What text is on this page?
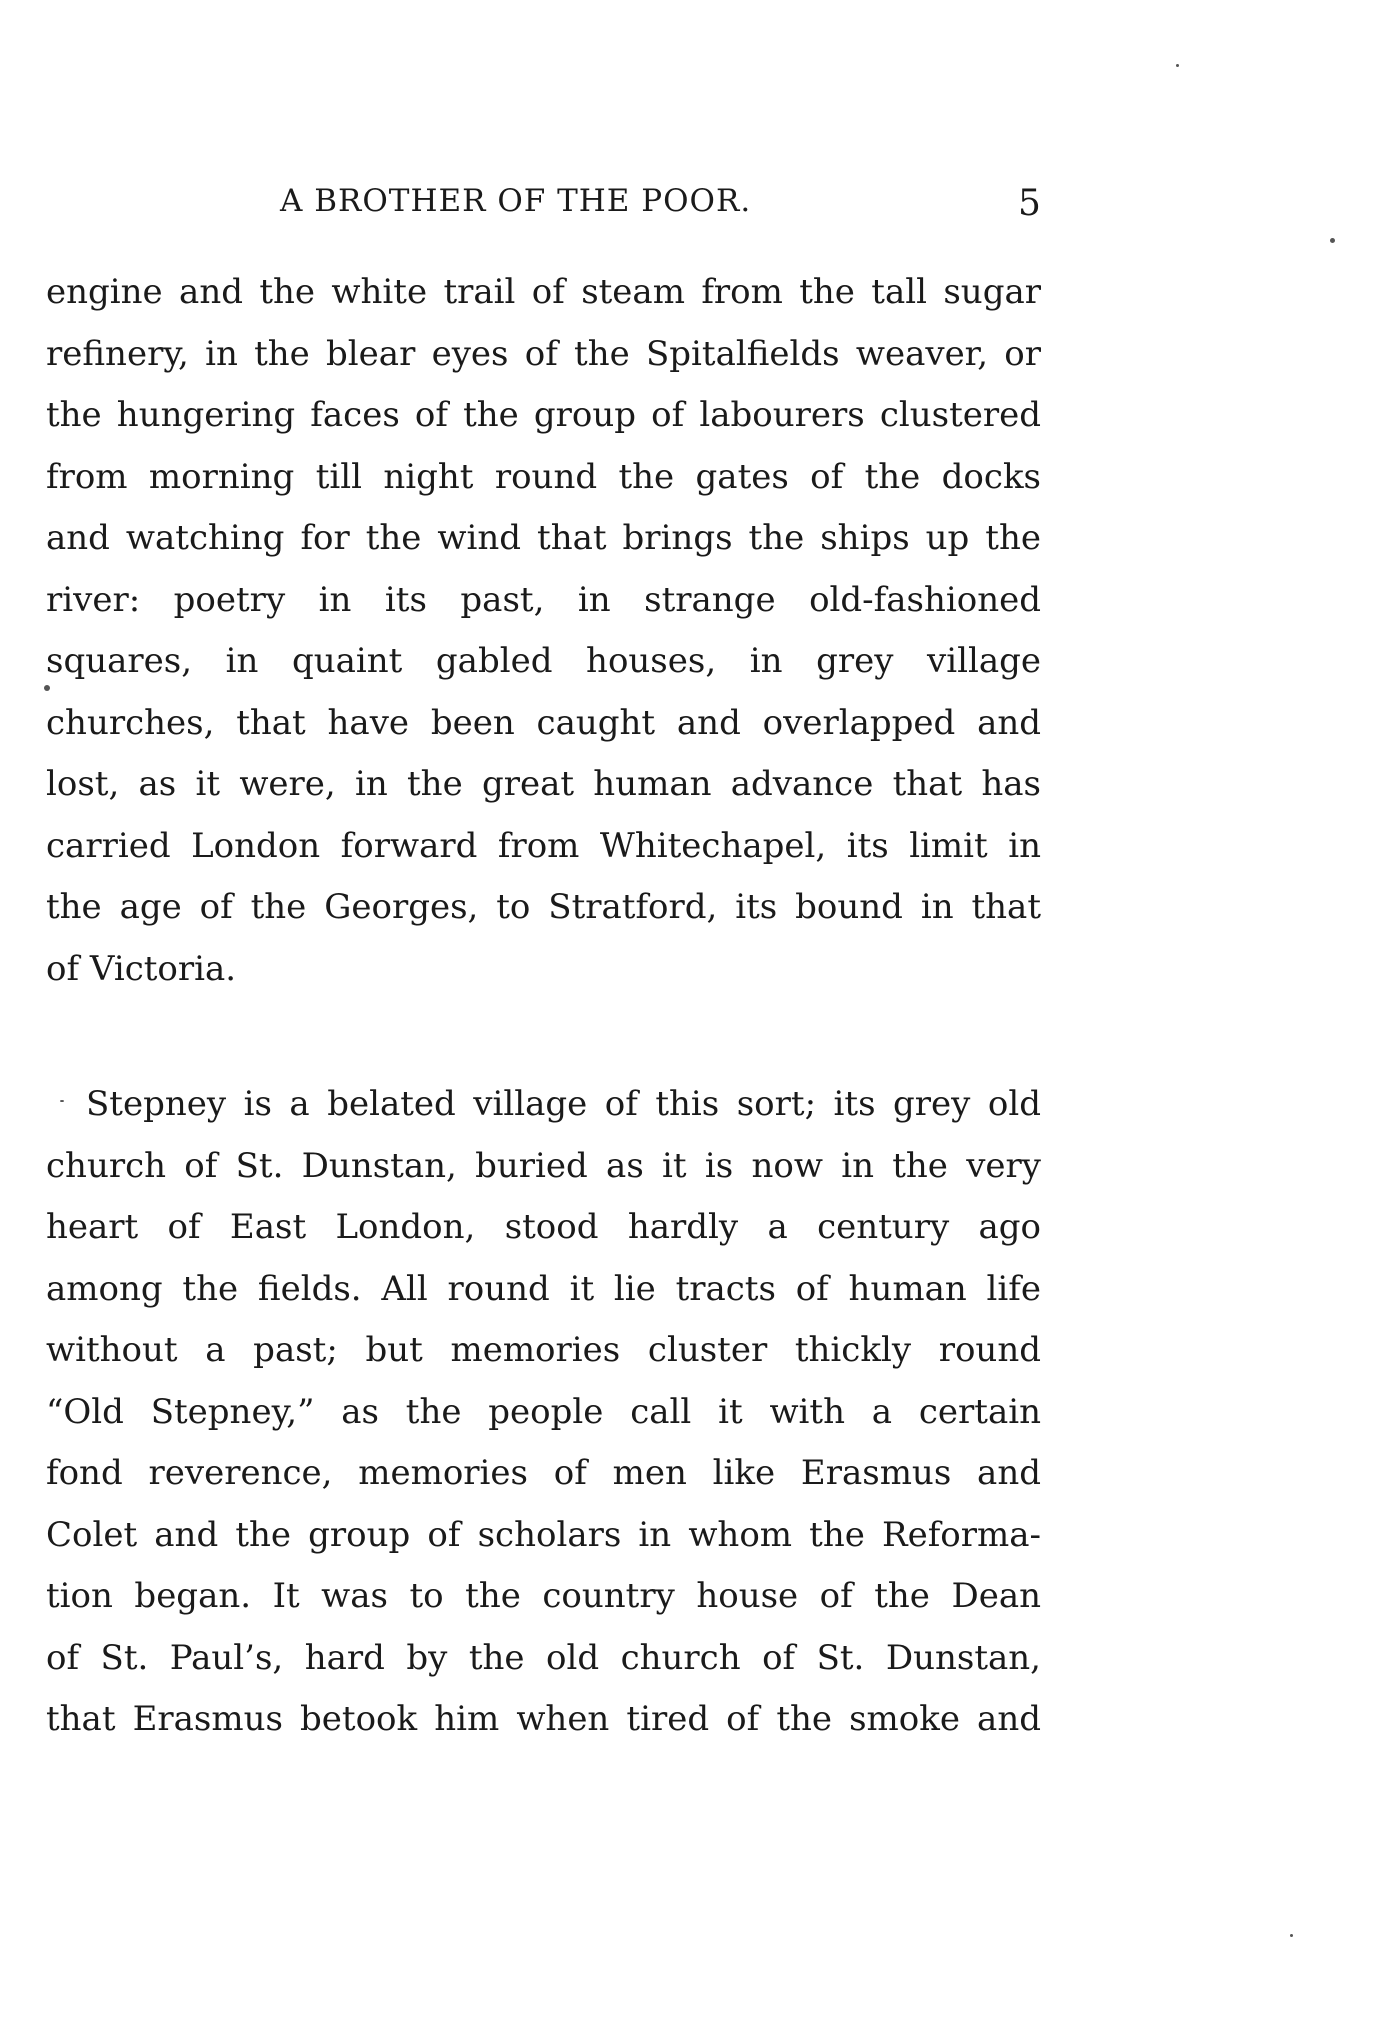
A BROTHER OF THE POOR.	5
engine and the white trail of steam from the tall sugar
refinery, in the blear eyes of the Spitalfields weaver, or
the hungering faces of the group of labourers clustered
from morning till night round the gates of the docks
and watching for the wind that brings the ships up the
river: poetry in its past, in strange old-fashioned
squares, in quaint gabled houses, in grey village
churches, that have been caught and overlapped and
lost, as it were, in the great human advance that has
carried London forward from Whitechapel, its limit in
the age of the Georges, to Stratford, its bound in that
of Victoria.
Stepney is a belated village of this sort; its grey old
church of St. Dunstan, buried as it is now in the very
heart of East London, stood hardly a century ago
among the fields. All round it lie tracts of human life
without a past; but memories cluster thickly round
“Old Stepney,” as the people call it with a certain
fond reverence, memories of men like Erasmus and
Colet and the group of scholars in whom the Reforma-
tion began. It was to the country house of the Dean
of St. Paul’s, hard by the old church of St. Dunstan,
that Erasmus betook him when tired of the smoke and
